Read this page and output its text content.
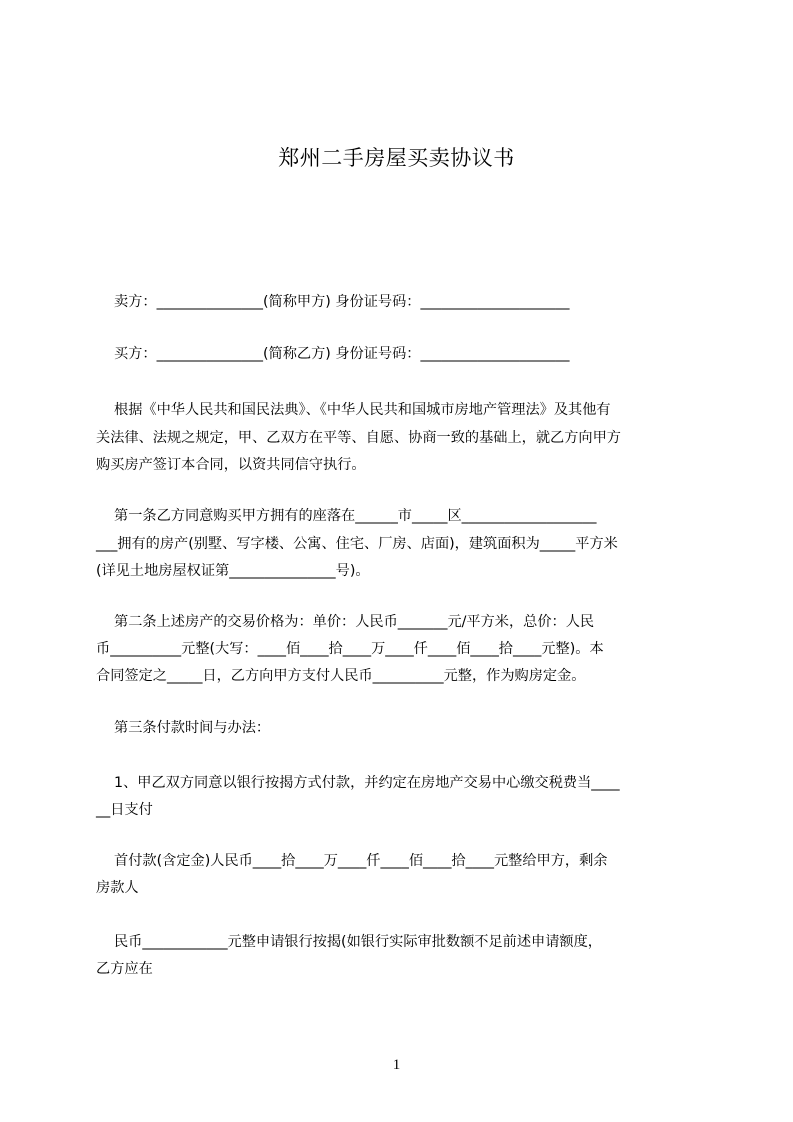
郑州二手房屋买卖协议书
卖方：_______________(简称甲方) 身份证号码：_____________________
买方：_______________(简称乙方) 身份证号码：_____________________
根据《中华人民共和国民法典》、《中华人民共和国城市房地产管理法》及其他有
关法律、法规之规定，甲、乙双方在平等、自愿、协商一致的基础上，就乙方向甲方
购买房产签订本合同，以资共同信守执行。
第一条乙方同意购买甲方拥有的座落在______市_____区___________________
___拥有的房产(别墅、写字楼、公寓、住宅、厂房、店面)，建筑面积为_____平方米
(详见土地房屋权证第_______________号)。
第二条上述房产的交易价格为：单价：人民币_______元/平方米，总价：人民
币__________元整(大写：____佰____拾____万____仟____佰____拾____元整)。本
合同签定之_____日，乙方向甲方支付人民币__________元整，作为购房定金。
第三条付款时间与办法：
1、甲乙双方同意以银行按揭方式付款，并约定在房地产交易中心缴交税费当____
__日支付
首付款(含定金)人民币____拾____万____仟____佰____拾____元整给甲方，剩余
房款人
民币____________元整申请银行按揭(如银行实际审批数额不足前述申请额度，
乙方应在
1
